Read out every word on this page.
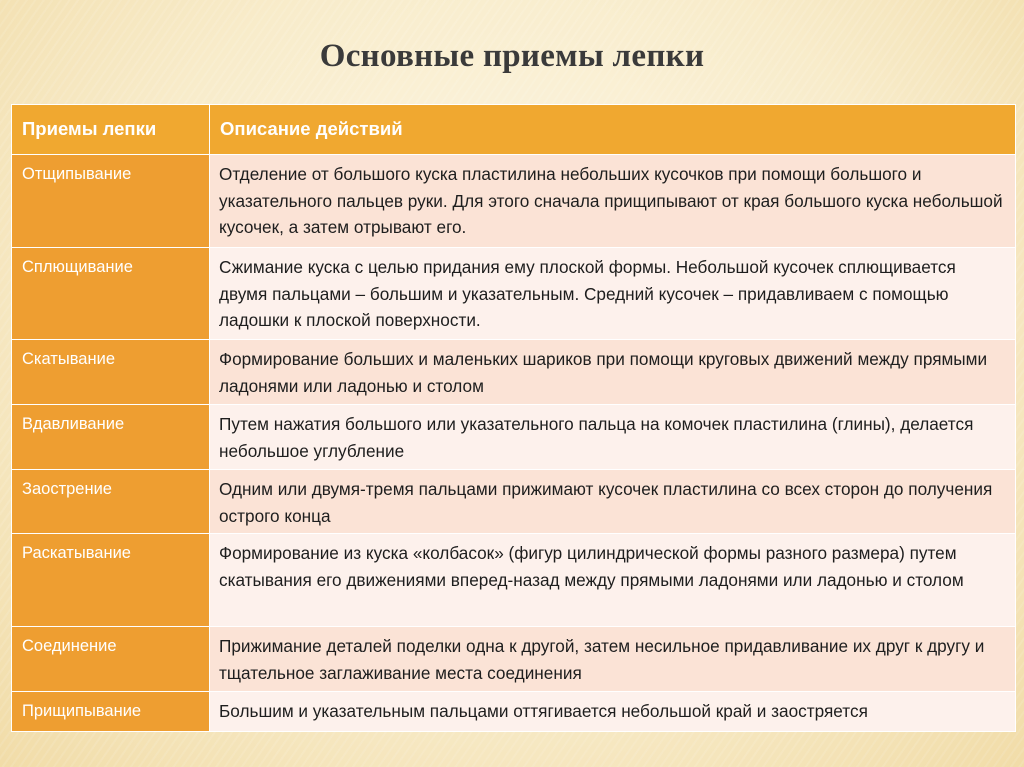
Основные приемы лепки
Приемы лепки	Описание действий
Отщипывание	Отделение от большого куска пластилина небольших кусочков при помощи большого и указательного пальцев руки. Для этого сначала прищипывают от края большого куска небольшой кусочек, а затем отрывают его.
Сплющивание	Сжимание куска с целью придания ему плоской формы. Небольшой кусочек сплющивается двумя пальцами – большим и указательным. Средний кусочек – придавливаем с помощью ладошки к плоской поверхности.
Скатывание	Формирование больших и маленьких шариков при помощи круговых движений между прямыми ладонями или ладонью и столом
Вдавливание	Путем нажатия большого или указательного пальца на комочек пластилина (глины), делается небольшое углубление
Заострение	Одним или двумя-тремя пальцами прижимают кусочек пластилина со всех сторон до получения острого конца
Раскатывание	Формирование из куска «колбасок» (фигур цилиндрической формы разного размера) путем скатывания его движениями вперед-назад между прямыми ладонями или ладонью и столом
Соединение	Прижимание деталей поделки одна к другой, затем несильное придавливание их друг к другу и тщательное заглаживание места соединения
Прищипывание	Большим и указательным пальцами оттягивается небольшой край и заостряется
